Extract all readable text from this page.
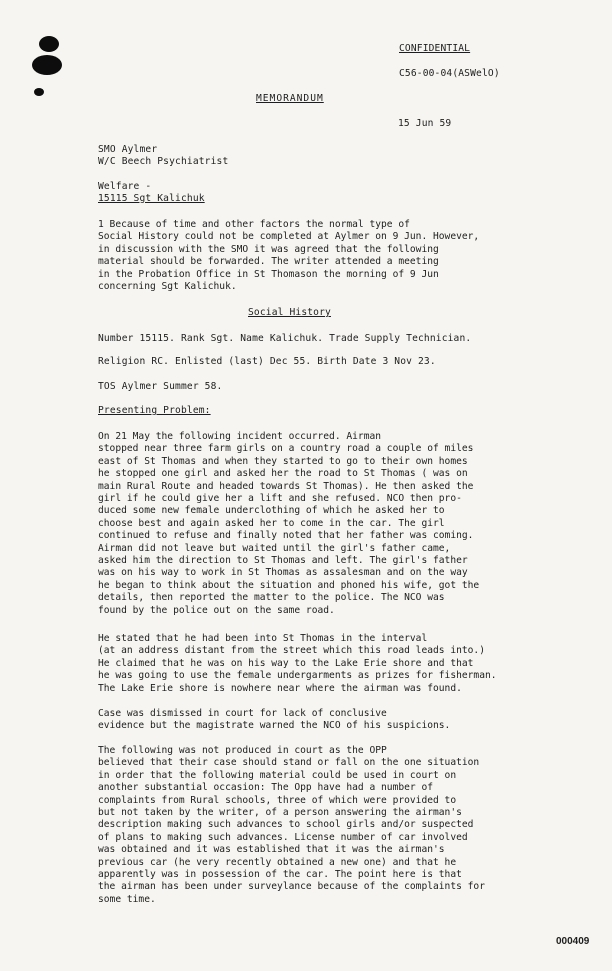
CONFIDENTIAL
C56-00-04(ASWelO)
MEMORANDUM
15 Jun 59
SMO Aylmer
W/C Beech Psychiatrist
Welfare -
15115 Sgt Kalichuk
1 Because of time and other factors the normal type of
Social History could not be completed at Aylmer on 9 Jun. However,
in discussion with the SMO it was agreed that the following
material should be forwarded. The writer attended a meeting
in the Probation Office in St Thomason the morning of 9 Jun
concerning Sgt Kalichuk.
Social History
Number 15115. Rank Sgt. Name Kalichuk. Trade Supply Technician.
Religion RC. Enlisted (last) Dec 55. Birth Date 3 Nov 23.
TOS Aylmer Summer 58.
Presenting Problem:
On 21 May the following incident occurred. Airman
stopped near three farm girls on a country road a couple of miles
east of St Thomas and when they started to go to their own homes
he stopped one girl and asked her the road to St Thomas ( was on
main Rural Route and headed towards St Thomas). He then asked the
girl if he could give her a lift and she refused. NCO then pro-
duced some new female underclothing of which he asked her to
choose best and again asked her to come in the car. The girl
continued to refuse and finally noted that her father was coming.
Airman did not leave but waited until the girl's father came,
asked him the direction to St Thomas and left. The girl's father
was on his way to work in St Thomas as assalesman and on the way
he began to think about the situation and phoned his wife, got the
details, then reported the matter to the police. The NCO was
found by the police out on the same road.
He stated that he had been into St Thomas in the interval
(at an address distant from the street which this road leads into.)
He claimed that he was on his way to the Lake Erie shore and that
he was going to use the female undergarments as prizes for fisherman.
The Lake Erie shore is nowhere near where the airman was found.
Case was dismissed in court for lack of conclusive
evidence but the magistrate warned the NCO of his suspicions.
The following was not produced in court as the OPP
believed that their case should stand or fall on the one situation
in order that the following material could be used in court on
another substantial occasion: The Opp have had a number of
complaints from Rural schools, three of which were provided to
but not taken by the writer, of a person answering the airman's
description making such advances to school girls and/or suspected
of plans to making such advances. License number of car involved
was obtained and it was established that it was the airman's
previous car (he very recently obtained a new one) and that he
apparently was in possession of the car. The point here is that
the airman has been under surveylance because of the complaints for
some time.
000409
